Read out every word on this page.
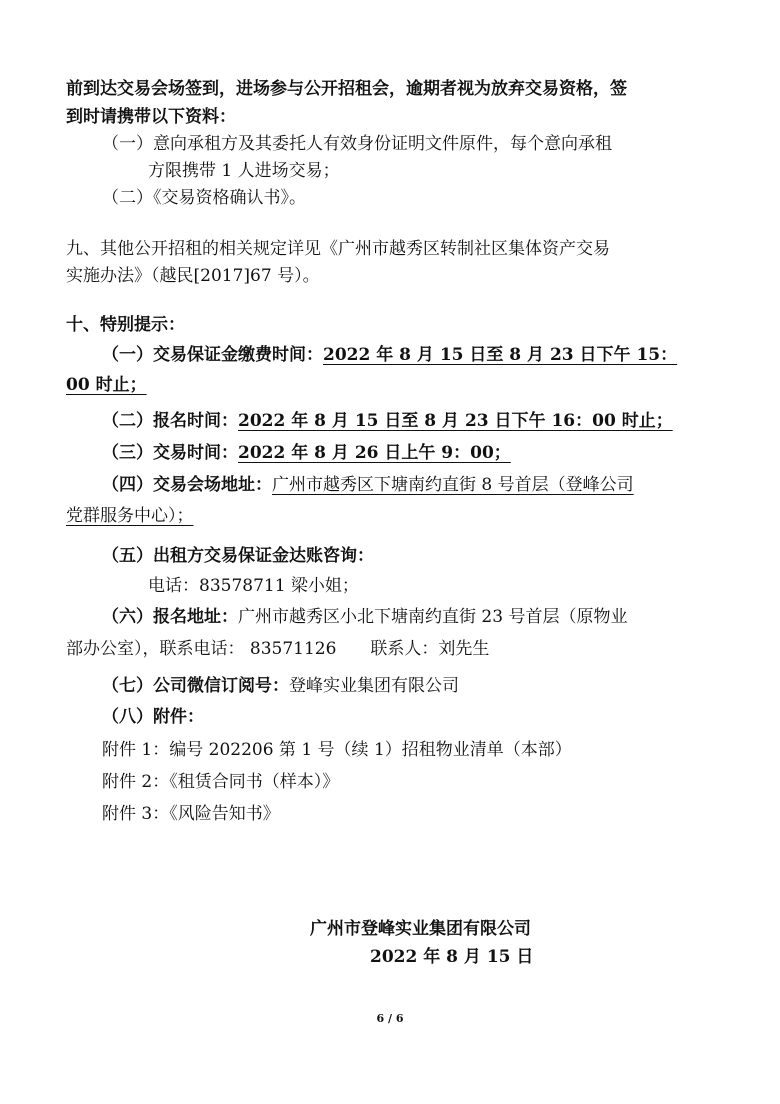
前到达交易会场签到，进场参与公开招租会，逾期者视为放弃交易资格，签
到时请携带以下资料：
（一）意向承租方及其委托人有效身份证明文件原件，每个意向承租
方限携带 1 人进场交易；
（二）《交易资格确认书》。
九、其他公开招租的相关规定详见《广州市越秀区转制社区集体资产交易
实施办法》（越民[2017]67 号）。
十、特别提示：
（一）交易保证金缴费时间：2022 年 8 月 15 日至 8 月 23 日下午 15：
00 时止；
（二）报名时间：2022 年 8 月 15 日至 8 月 23 日下午 16：00 时止；
（三）交易时间：2022 年 8 月 26 日上午 9：00；
（四）交易会场地址：广州市越秀区下塘南约直街 8 号首层（登峰公司
党群服务中心）；
（五）出租方交易保证金达账咨询：
电话：83578711 梁小姐；
（六）报名地址：广州市越秀区小北下塘南约直街 23 号首层（原物业
部办公室），联系电话： 83571126　　联系人：刘先生
（七）公司微信订阅号：登峰实业集团有限公司
（八）附件：
附件 1：编号 202206 第 1 号（续 1）招租物业清单（本部）
附件 2：《租赁合同书（样本）》
附件 3：《风险告知书》
广州市登峰实业集团有限公司
2022 年 8 月 15 日
6 / 6
